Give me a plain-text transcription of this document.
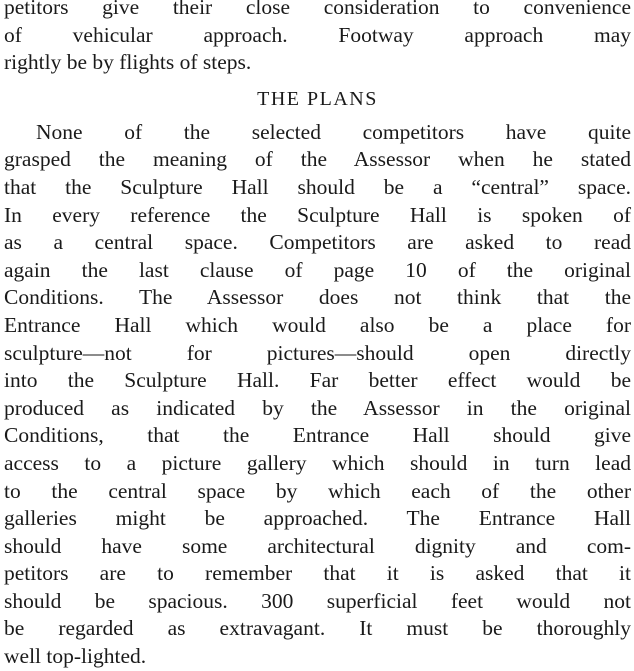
petitors give their close consideration to convenience
of vehicular approach. Footway approach may
rightly be by flights of steps.
THE PLANS
None of the selected competitors have quite
grasped the meaning of the Assessor when he stated
that the Sculpture Hall should be a “central” space.
In every reference the Sculpture Hall is spoken of
as a central space. Competitors are asked to read
again the last clause of page 10 of the original
Conditions. The Assessor does not think that the
Entrance Hall which would also be a place for
sculpture—not for pictures—should open directly
into the Sculpture Hall. Far better effect would be
produced as indicated by the Assessor in the original
Conditions, that the Entrance Hall should give
access to a picture gallery which should in turn lead
to the central space by which each of the other
galleries might be approached. The Entrance Hall
should have some architectural dignity and com-
petitors are to remember that it is asked that it
should be spacious. 300 superficial feet would not
be regarded as extravagant. It must be thoroughly
well top-lighted.
